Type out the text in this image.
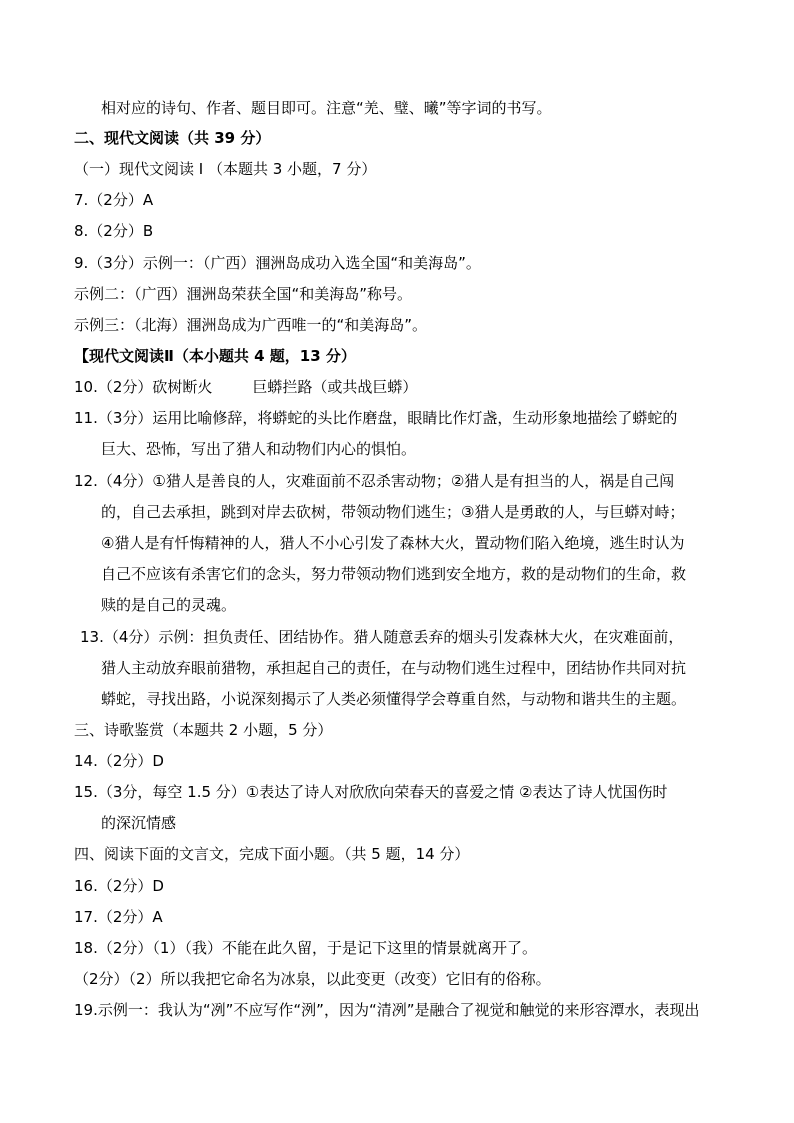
相对应的诗句、作者、题目即可。注意“羌、璧、曦”等字词的书写。
二、现代文阅读（共 39 分）
（一）现代文阅读 I （本题共 3 小题，7 分）
7.（2分）A
8.（2分）B
9.（3分）示例一：（广西）涠洲岛成功入选全国“和美海岛”。
示例二：（广西）涠洲岛荣获全国“和美海岛”称号。
示例三：（北海）涠洲岛成为广西唯一的“和美海岛”。
【现代文阅读Ⅱ（本小题共 4 题，13 分）
10.（2分）砍树断火	巨蟒拦路（或共战巨蟒）
11.（3分）运用比喻修辞，将蟒蛇的头比作磨盘，眼睛比作灯盏，生动形象地描绘了蟒蛇的
巨大、恐怖，写出了猎人和动物们内心的惧怕。
12.（4分）①猎人是善良的人，灾难面前不忍杀害动物；②猎人是有担当的人，祸是自己闯
的，自己去承担，跳到对岸去砍树，带领动物们逃生；③猎人是勇敢的人，与巨蟒对峙；
④猎人是有忏悔精神的人，猎人不小心引发了森林大火，置动物们陷入绝境，逃生时认为
自己不应该有杀害它们的念头，努力带领动物们逃到安全地方，救的是动物们的生命，救
赎的是自己的灵魂。
13.（4分）示例：担负责任、团结协作。猎人随意丢弃的烟头引发森林大火，在灾难面前，
猎人主动放弃眼前猎物，承担起自己的责任，在与动物们逃生过程中，团结协作共同对抗
蟒蛇，寻找出路，小说深刻揭示了人类必须懂得学会尊重自然，与动物和谐共生的主题。
三、诗歌鉴赏（本题共 2 小题，5 分）
14.（2分）D
15.（3分，每空 1.5 分）①表达了诗人对欣欣向荣春天的喜爱之情 ②表达了诗人忧国伤时
的深沉情感
四、阅读下面的文言文，完成下面小题。（共 5 题，14 分）
16.（2分）D
17.（2分）A
18.（2分）（1）（我）不能在此久留，于是记下这里的情景就离开了。
（2分）（2）所以我把它命名为冰泉，以此变更（改变）它旧有的俗称。
19.示例一：我认为“冽”不应写作“洌”，因为“清冽”是融合了视觉和触觉的来形容潭水，表现出
